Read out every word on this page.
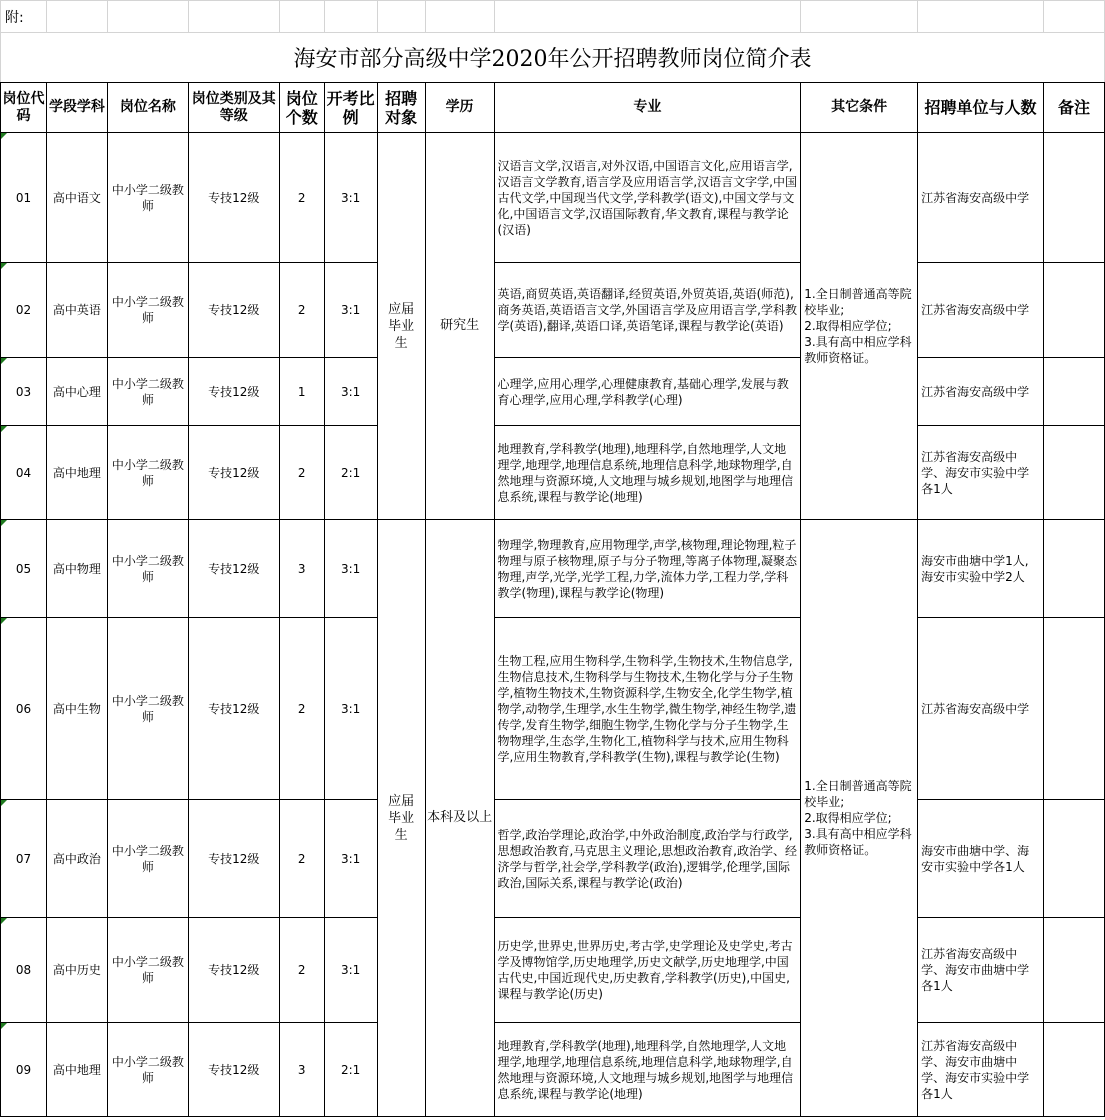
附:											
海安市部分高级中学2020年公开招聘教师岗位简介表											
岗位代码	学段学科	岗位名称	岗位类别及其等级	岗位个数	开考比例	招聘对象	学历	专业	其它条件	招聘单位与人数	备注
01	高中语文	中小学二级教师	专技12级	2	3:1	应届毕业生	研究生	汉语言文学,汉语言,对外汉语,中国语言文化,应用语言学,汉语言文学教育,语言学及应用语言学,汉语言文字学,中国古代文学,中国现当代文学,学科教学(语文),中国文学与文化,中国语言文学,汉语国际教育,华文教育,课程与教学论(汉语)	1.全日制普通高等院校毕业;
2.取得相应学位;
3.具有高中相应学科教师资格证。	江苏省海安高级中学	
02	高中英语	中小学二级教师	专技12级	2	3:1			英语,商贸英语,英语翻译,经贸英语,外贸英语,英语(师范),商务英语,英语语言文学,外国语言学及应用语言学,学科教学(英语),翻译,英语口译,英语笔译,课程与教学论(英语)		江苏省海安高级中学	
03	高中心理	中小学二级教师	专技12级	1	3:1			心理学,应用心理学,心理健康教育,基础心理学,发展与教育心理学,应用心理,学科教学(心理)		江苏省海安高级中学	
04	高中地理	中小学二级教师	专技12级	2	2:1			地理教育,学科教学(地理),地理科学,自然地理学,人文地理学,地理学,地理信息系统,地理信息科学,地球物理学,自然地理与资源环境,人文地理与城乡规划,地图学与地理信息系统,课程与教学论(地理)		江苏省海安高级中学、海安市实验中学各1人	
05	高中物理	中小学二级教师	专技12级	3	3:1	应届毕业生	本科及以上	物理学,物理教育,应用物理学,声学,核物理,理论物理,粒子物理与原子核物理,原子与分子物理,等离子体物理,凝聚态物理,声学,光学,光学工程,力学,流体力学,工程力学,学科教学(物理),课程与教学论(物理)	1.全日制普通高等院校毕业;
2.取得相应学位;
3.具有高中相应学科教师资格证。	海安市曲塘中学1人,海安市实验中学2人	
06	高中生物	中小学二级教师	专技12级	2	3:1			生物工程,应用生物科学,生物科学,生物技术,生物信息学,生物信息技术,生物科学与生物技术,生物化学与分子生物学,植物生物技术,生物资源科学,生物安全,化学生物学,植物学,动物学,生理学,水生生物学,微生物学,神经生物学,遗传学,发育生物学,细胞生物学,生物化学与分子生物学,生物物理学,生态学,生物化工,植物科学与技术,应用生物科学,应用生物教育,学科教学(生物),课程与教学论(生物)		江苏省海安高级中学	
07	高中政治	中小学二级教师	专技12级	2	3:1			哲学,政治学理论,政治学,中外政治制度,政治学与行政学,思想政治教育,马克思主义理论,思想政治教育,政治学、经济学与哲学,社会学,学科教学(政治),逻辑学,伦理学,国际政治,国际关系,课程与教学论(政治)		海安市曲塘中学、海安市实验中学各1人	
08	高中历史	中小学二级教师	专技12级	2	3:1			历史学,世界史,世界历史,考古学,史学理论及史学史,考古学及博物馆学,历史地理学,历史文献学,历史地理学,中国古代史,中国近现代史,历史教育,学科教学(历史),中国史,课程与教学论(历史)		江苏省海安高级中学、海安市曲塘中学各1人	
09	高中地理	中小学二级教师	专技12级	3	2:1			地理教育,学科教学(地理),地理科学,自然地理学,人文地理学,地理学,地理信息系统,地理信息科学,地球物理学,自然地理与资源环境,人文地理与城乡规划,地图学与地理信息系统,课程与教学论(地理)		江苏省海安高级中学、海安市曲塘中学、海安市实验中学各1人	
